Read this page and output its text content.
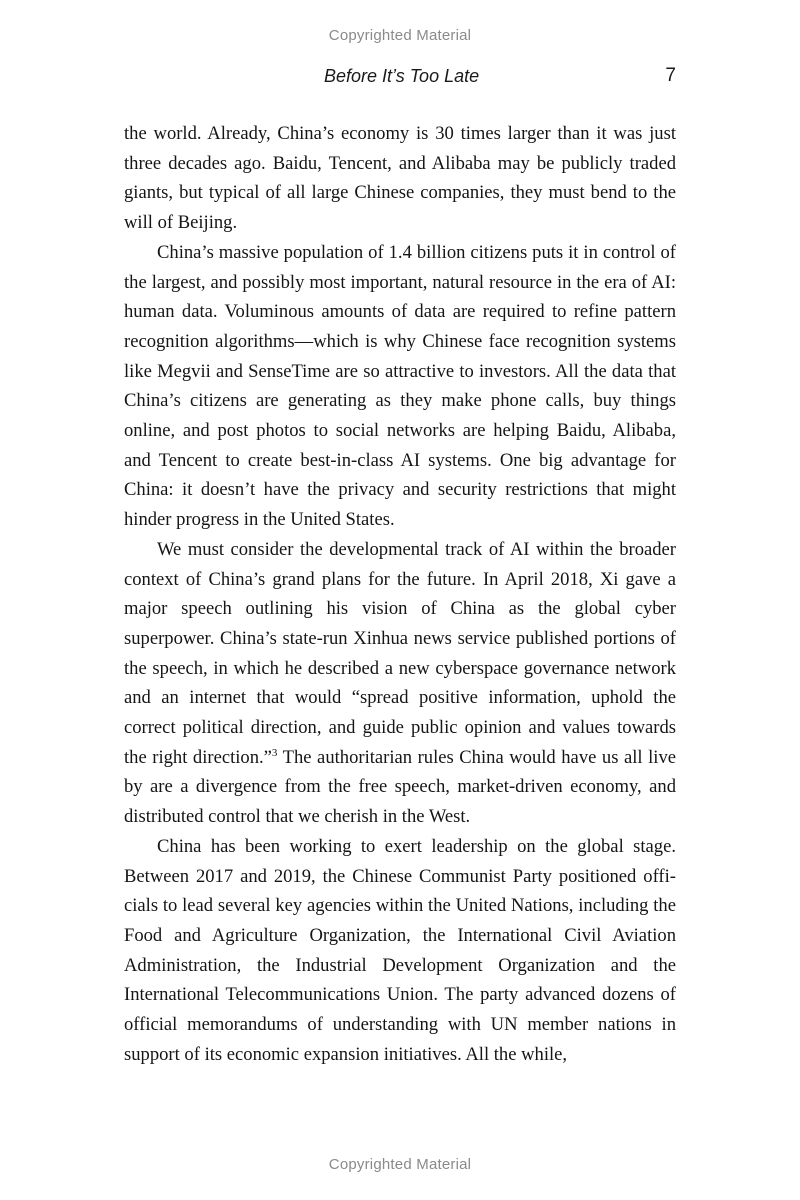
Copyrighted Material
Before It’s Too Late	7

the world. Already, China’s economy is 30 times larger than it was just three decades ago. Baidu, Tencent, and Alibaba may be publicly traded giants, but typical of all large Chinese companies, they must bend to the will of Beijing.

China’s massive population of 1.4 billion citizens puts it in control of the largest, and possibly most important, natural resource in the era of AI: human data. Voluminous amounts of data are required to refine pattern recognition algorithms—which is why Chinese face recognition systems like Megvii and SenseTime are so attractive to investors. All the data that China’s citizens are generating as they make phone calls, buy things online, and post photos to social networks are helping Baidu, Alibaba, and Tencent to create best-in-class AI systems. One big advantage for China: it doesn’t have the privacy and security restrictions that might hinder progress in the United States.

We must consider the developmental track of AI within the broader context of China’s grand plans for the future. In April 2018, Xi gave a major speech outlining his vision of China as the global cyber superpower. China’s state-run Xinhua news service published portions of the speech, in which he described a new cyberspace governance network and an internet that would “spread positive information, uphold the correct political direction, and guide public opinion and values towards the right direction.”$^3$ The authoritarian rules China would have us all live by are a divergence from the free speech, market-driven economy, and distributed control that we cherish in the West.

China has been working to exert leadership on the global stage. Between 2017 and 2019, the Chinese Communist Party positioned officials to lead several key agencies within the United Nations, including the Food and Agriculture Organization, the International Civil Aviation Administration, the Industrial Development Organization and the International Telecommunications Union. The party advanced dozens of official memorandums of understanding with UN member nations in support of its economic expansion initiatives. All the while,

Copyrighted Material
